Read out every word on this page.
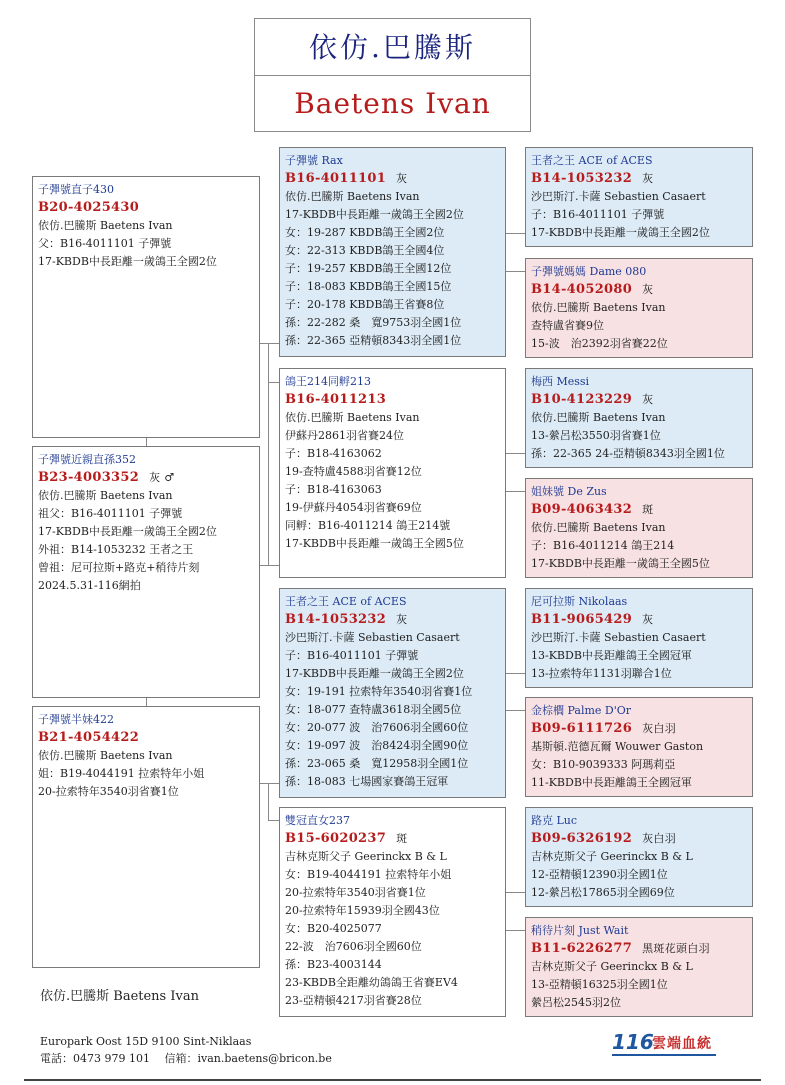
依仿.巴騰斯
Baetens Ivan
子彈號直子430
B20-4025430
依仿.巴騰斯 Baetens Ivan
父：B16-4011101 子彈號
17-KBDB中長距離一歲鴿王全國2位
子彈號近親直孫352
B23-4003352 灰 ♂
依仿.巴騰斯 Baetens Ivan
祖父：B16-4011101 子彈號
17-KBDB中長距離一歲鴿王全國2位
外祖：B14-1053232 王者之王
曾祖：尼可拉斯+路克+稍待片刻
2024.5.31-116網拍
子彈號半妹422
B21-4054422
依仿.巴騰斯 Baetens Ivan
姐：B19-4044191 拉索特年小姐
20-拉索特年3540羽省賽1位
子彈號 Rax
B16-4011101 灰
依仿.巴騰斯 Baetens Ivan
17-KBDB中長距離一歲鴿王全國2位
女：19-287 KBDB鴿王全國2位
女：22-313 KBDB鴿王全國4位
子：19-257 KBDB鴿王全國12位
子：18-083 KBDB鴿王全國15位
子：20-178 KBDB鴿王省賽8位
孫：22-282 桑　寬9753羽全國1位
孫：22-365 亞精頓8343羽全國1位
鴿王214同孵213
B16-4011213
依仿.巴騰斯 Baetens Ivan
伊蘇丹2861羽省賽24位
子：B18-4163062
19-查特盧4588羽省賽12位
子：B18-4163063
19-伊蘇丹4054羽省賽69位
同孵：B16-4011214 鴿王214號
17-KBDB中長距離一歲鴿王全國5位
王者之王 ACE of ACES
B14-1053232 灰
沙巴斯汀.卡薩 Sebastien Casaert
子：B16-4011101 子彈號
17-KBDB中長距離一歲鴿王全國2位
女：19-191 拉索特年3540羽省賽1位
女：18-077 查特盧3618羽全國5位
女：20-077 波　治7606羽全國60位
女：19-097 波　治8424羽全國90位
孫：23-065 桑　寬12958羽全國1位
孫：18-083 七場國家賽鴿王冠軍
雙冠直女237
B15-6020237 斑
吉林克斯父子 Geerinckx B & L
女：B19-4044191 拉索特年小姐
20-拉索特年3540羽省賽1位
20-拉索特年15939羽全國43位
女：B20-4025077
22-波　治7606羽全國60位
孫：B23-4003144
23-KBDB全距離幼鴿鴿王省賽EV4
23-亞精頓4217羽省賽28位
王者之王 ACE of ACES
B14-1053232 灰
沙巴斯汀.卡薩 Sebastien Casaert
子：B16-4011101 子彈號
17-KBDB中長距離一歲鴿王全國2位
子彈號媽媽 Dame 080
B14-4052080 灰
依仿.巴騰斯 Baetens Ivan
查特盧省賽9位
15-波　治2392羽省賽22位
梅西 Messi
B10-4123229 灰
依仿.巴騰斯 Baetens Ivan
13-縈呂松3550羽省賽1位
孫：22-365 24-亞精頓8343羽全國1位
姐妹號 De Zus
B09-4063432 斑
依仿.巴騰斯 Baetens Ivan
子：B16-4011214 鴿王214
17-KBDB中長距離一歲鴿王全國5位
尼可拉斯 Nikolaas
B11-9065429 灰
沙巴斯汀.卡薩 Sebastien Casaert
13-KBDB中長距離鴿王全國冠軍
13-拉索特年1131羽聯合1位
金棕櫚 Palme D'Or
B09-6111726 灰白羽
基斯頓.范德瓦爾 Wouwer Gaston
女：B10-9039333 阿瑪莉亞
11-KBDB中長距離鴿王全國冠軍
路克 Luc
B09-6326192 灰白羽
吉林克斯父子 Geerinckx B & L
12-亞精頓12390羽全國1位
12-縈呂松17865羽全國69位
稍待片刻 Just Wait
B11-6226277 黑斑花頭白羽
吉林克斯父子 Geerinckx B & L
13-亞精頓16325羽全國1位
縈呂松2545羽2位
依仿.巴騰斯 Baetens Ivan
Europark Oost 15D 9100 Sint-Niklaas
電話：0473 979 101　 信箱：ivan.baetens@bricon.be
116
雲端血統
